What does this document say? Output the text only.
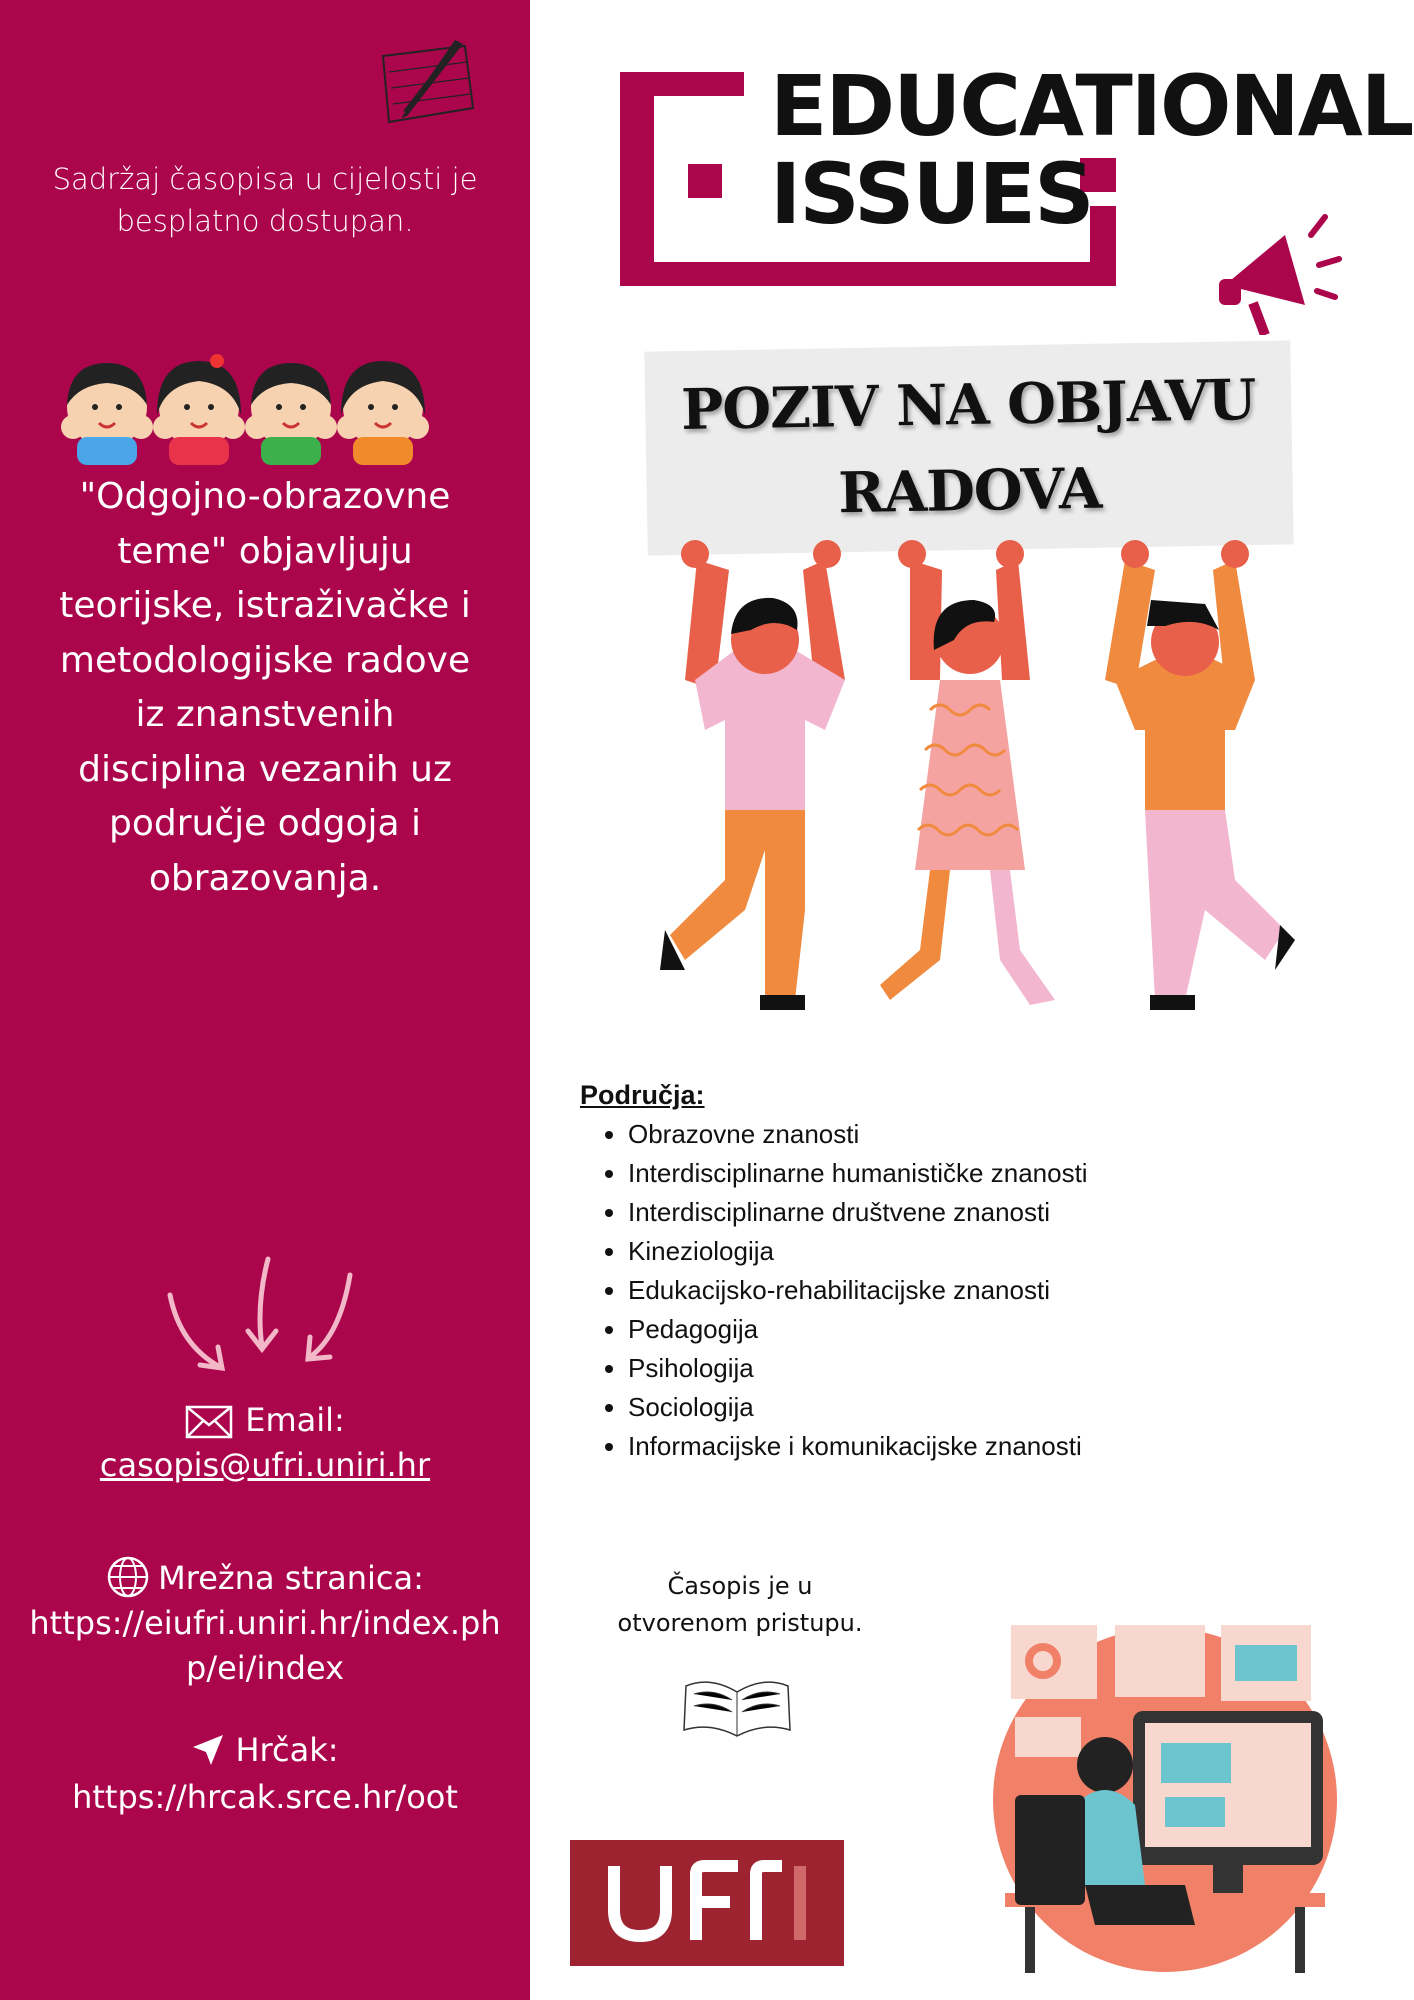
Sadržaj časopisa u cijelosti je besplatno dostupan.
"Odgojno-obrazovne teme" objavljuju teorijske, istraživačke i metodologijske radove iz znanstvenih disciplina vezanih uz područje odgoja i obrazovanja.
Email:
casopis@ufri.uniri.hr
Mrežna stranica:
https://eiufri.uniri.hr/index.ph
p/ei/index
Hrčak:
https://hrcak.srce.hr/oot
EDUCATIONAL
ISSUES
POZIV NA OBJAVU
RADOVA
Područja:
• Obrazovne znanosti
• Interdisciplinarne humanističke znanosti
• Interdisciplinarne društvene znanosti
• Kineziologija
• Edukacijsko-rehabilitacijske znanosti
• Pedagogija
• Psihologija
• Sociologija
• Informacijske i komunikacijske znanosti
Časopis je u
otvorenom pristupu.
